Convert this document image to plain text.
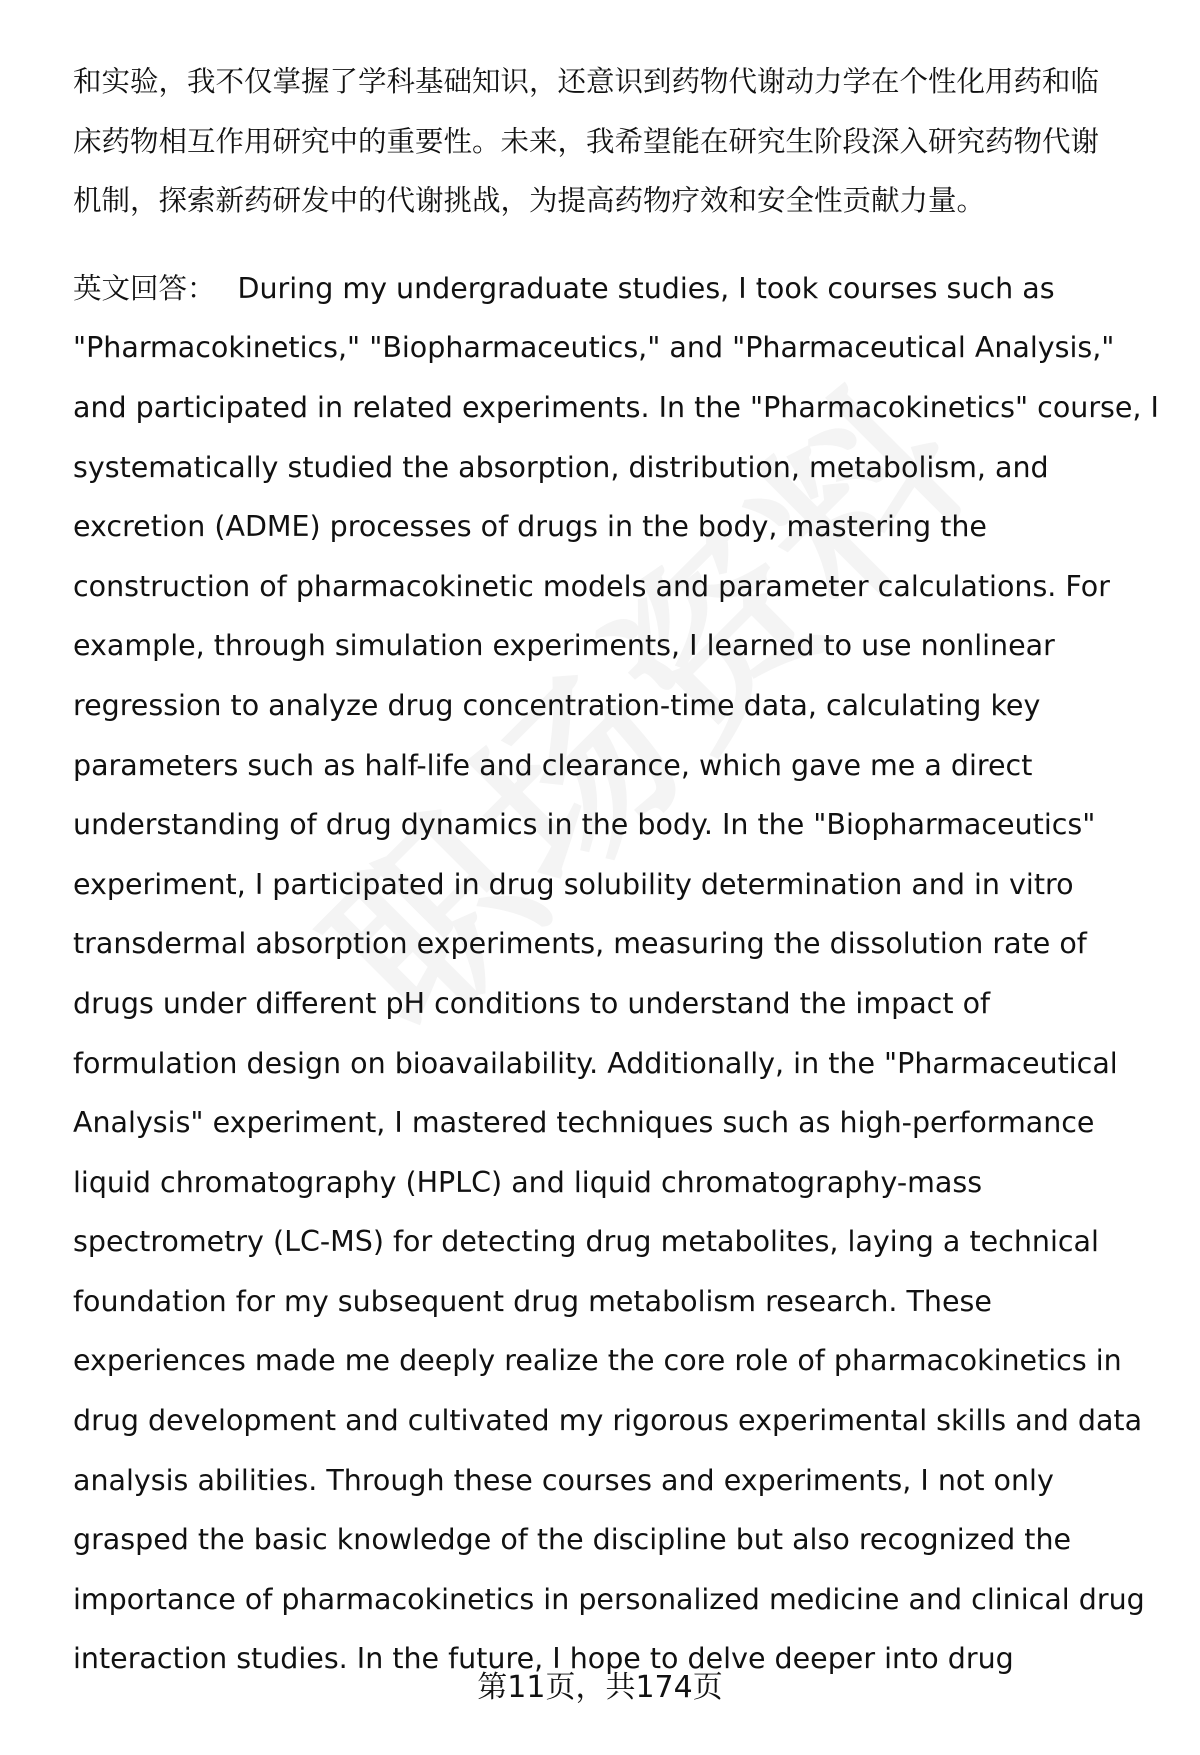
和实验，我不仅掌握了学科基础知识，还意识到药物代谢动力学在个性化用药和临
床药物相互作用研究中的重要性。未来，我希望能在研究生阶段深入研究药物代谢
机制，探索新药研发中的代谢挑战，为提高药物疗效和安全性贡献力量。
英文回答： During my undergraduate studies, I took courses such as
"Pharmacokinetics," "Biopharmaceutics," and "Pharmaceutical Analysis,"
and participated in related experiments. In the "Pharmacokinetics" course, I
systematically studied the absorption, distribution, metabolism, and
excretion (ADME) processes of drugs in the body, mastering the
construction of pharmacokinetic models and parameter calculations. For
example, through simulation experiments, I learned to use nonlinear
regression to analyze drug concentration-time data, calculating key
parameters such as half-life and clearance, which gave me a direct
understanding of drug dynamics in the body. In the "Biopharmaceutics"
experiment, I participated in drug solubility determination and in vitro
transdermal absorption experiments, measuring the dissolution rate of
drugs under different pH conditions to understand the impact of
formulation design on bioavailability. Additionally, in the "Pharmaceutical
Analysis" experiment, I mastered techniques such as high-performance
liquid chromatography (HPLC) and liquid chromatography-mass
spectrometry (LC-MS) for detecting drug metabolites, laying a technical
foundation for my subsequent drug metabolism research. These
experiences made me deeply realize the core role of pharmacokinetics in
drug development and cultivated my rigorous experimental skills and data
analysis abilities. Through these courses and experiments, I not only
grasped the basic knowledge of the discipline but also recognized the
importance of pharmacokinetics in personalized medicine and clinical drug
interaction studies. In the future, I hope to delve deeper into drug
第11页，共174页
